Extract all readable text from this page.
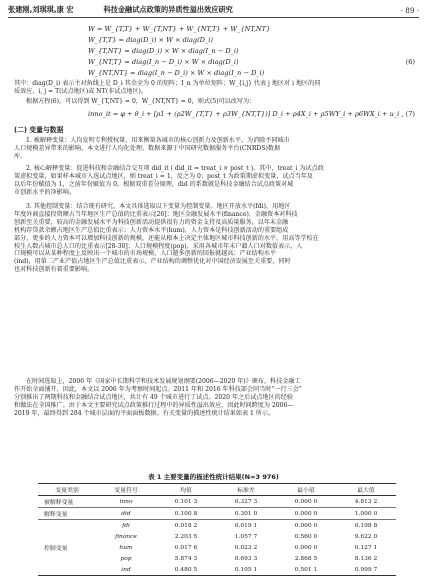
张建刚,刘琪琪,康 宏	科技金融试点政策的异质性溢出效应研究	· 89 ·
W = W_{T,T} + W_{T,NT} + W_{NT,T} + W_{NT,NT}
W_{T,T} = diag(D_i) × W × diag(D_i)
W_{T,NT} = diag(D_i) × W × diag(I_n − D_i)
W_{NT,T} = diag(I_n − D_i) × W × diag(D_i)
W_{NT,NT} = diag(I_n − D_i) × W × diag(I_n − D_i)
(6)
其中：diag(D_i) 表示主对角线上是 D_i 其余全为 0 的矩阵；I_n 为单位矩阵；W_{i,j} 代表 j 地区对 i 地区的同
质效应，i, j = T(试点地区)或 NT(非试点地区)。
根据方程(6)，可以得到 W_{T,NT} = 0，W_{NT,NT} = 0，则式(5)可以改写为：
inno_it = φ + θ_i + [ρ1 + (ρ2W_{T,T} + ρ3W_{NT,T})] D_i + ρ4X_i + ρ5WY_i + ρ6WX_i + u_i , (7)
(二) 变量与数据
1. 被解释变量：人均发明专利授权量，用来衡量各城市的核心创新力及创新水平。为消除不同城市
人口规模差异带来的影响，本文进行人均化处理。数据来源于中国研究数据服务平台(CNRDS)数据
库。
2. 核心解释变量：促进科技和金融结合交互项 did_it ( did_it = treat_i × post_t )。其中，treat_i 为试点政
策虚拟变量，如果样本城市入选试点地区，则 treat_i = 1，反之为 0；post_t 为政策期虚拟变量，试点当年及
以后年份赋值为 1，之前年份赋值为 0。根据双重差分原理，did 的系数就是科技金融结合试点政策对城
市创新水平的净影响。
3. 其他控制变量：结合现有研究，本文具体选取以下变量为控制变量。地区开放水平(fdi)，用地区
年度外商直接投资额占当年地区生产总值的比重表示[26]；地区金融发展水平(finance)，金融资本对科技
创新至关重要，较高的金融发展水平为科技创新活动提供很有力的资金支持及高质量服务，以年末金融
机构存贷款余额占地区生产总值比重表示；人力资本水平(hum)，人力资本是科技创新活动的重要组成
部分，更多的人力资本可以增加科技创新的规模，还能从根本上决定主体地区城市科技创新的水平，用高等学校在
校生人数占城市总人口的比重表示[28-30]；人口规模程度(pop)，采用各城市年末户籍人口对数值表示，人
口规模可以从某种程度上反映出一个城市的市场规模，人口越多创新的回报就越高；产业结构水平
(ind)，用第二产业产值占地区生产总值比重表示，产业结构的调整优化对中国经济发展至关重要，同时
也对科技创新有着重要影响。
在时间选取上，2006 年《国家中长期科学和技术发展规划纲要(2006—2020 年)》颁布，科技金融工
作开始全面铺开，因此，本文以 2006 年为考察时间起点。2011 年和 2016 年科技部会同当时“一行三会”
分别推出了两期科技和金融结合试点地区，共计有 49 个城市进行了试点。2020 年之后试点地区的经验
和做法在全国推广。由于本文主要研究试点政策推行过程中的异质性溢出效应，因此时间跨度为 2006—
2019 年，最终得到 284 个城市层面的平面面板数据。有关变量的描述性统计结果如表 1 所示。
表 1 主要变量的描述性统计结果(N=3 976)
变量类别	变量符号	均值	标准差	最小值	最大值
被解释变量	inno	0.101 3	0.327 3	0.000 0	4.813 2
解释变量	did	0.100 8	0.301 0	0.000 0	1.000 0
控制变量	fdi	0.018 2	0.019 1	0.000 0	0.198 8
	finance	2.203 5	1.057 7	0.560 0	9.622 0
	hum	0.017 6	0.023 2	0.000 0	0.127 1
	pop	5.874 3	0.693 3	2.868 5	8.136 2
	ind	0.480 5	0.105 1	0.501 1	0.999 7
